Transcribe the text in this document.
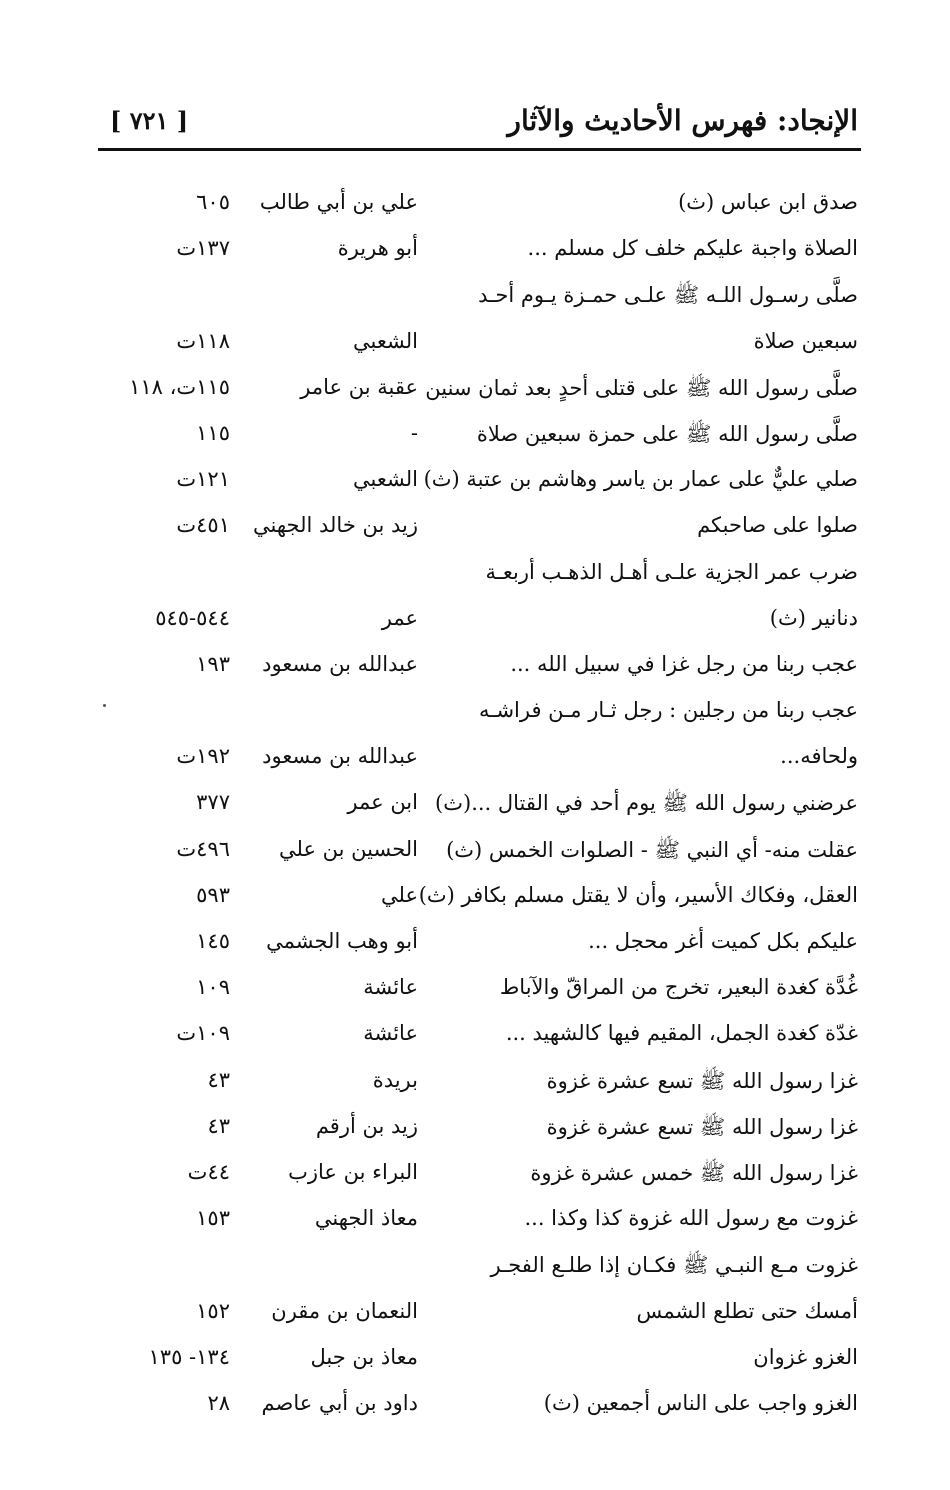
الإنجاد: فهرس الأحاديث والآثار
[ ٧٢١ ]
صدق ابن عباس (ث)
علي بن أبي طالب
٦٠٥
الصلاة واجبة عليكم خلف كل مسلم ...
أبو هريرة
١٣٧ت
صلَّى رسـول اللـه ﷺ علـى حمـزة يـوم أحـد
سبعين صلاة
الشعبي
١١٨ت
صلَّى رسول الله ﷺ على قتلى أحدٍ بعد ثمان سنين
عقبة بن عامر
١١٥ت، ١١٨
صلَّى رسول الله ﷺ على حمزة سبعين صلاة
-
١١٥
صلي عليٌّ على عمار بن ياسر وهاشم بن عتبة (ث)
الشعبي
١٢١ت
صلوا على صاحبكم
زيد بن خالد الجهني
٤٥١ت
ضرب عمر الجزية علـى أهـل الذهـب أربعـة
دنانير (ث)
عمر
٥٤٤-٥٤٥
عجب ربنا من رجل غزا في سبيل الله ...
عبدالله بن مسعود
١٩٣
عجب ربنا من رجلين : رجل ثـار مـن فراشـه
ولحافه...
عبدالله بن مسعود
١٩٢ت
عرضني رسول الله ﷺ يوم أحد في القتال ...(ث)
ابن عمر
٣٧٧
عقلت منه- أي النبي ﷺ - الصلوات الخمس (ث)
الحسين بن علي
٤٩٦ت
العقل، وفكاك الأسير، وأن لا يقتل مسلم بكافر (ث)
علي
٥٩٣
عليكم بكل كميت أغر محجل ...
أبو وهب الجشمي
١٤٥
غُدَّة كغدة البعير، تخرج من المراقّ والآباط
عائشة
١٠٩
غدّة كغدة الجمل، المقيم فيها كالشهيد ...
عائشة
١٠٩ت
غزا رسول الله ﷺ تسع عشرة غزوة
بريدة
٤٣
غزا رسول الله ﷺ تسع عشرة غزوة
زيد بن أرقم
٤٣
غزا رسول الله ﷺ خمس عشرة غزوة
البراء بن عازب
٤٤ت
غزوت مع رسول الله غزوة كذا وكذا ...
معاذ الجهني
١٥٣
غزوت مـع النبـي ﷺ فكـان إذا طلـع الفجـر
أمسك حتى تطلع الشمس
النعمان بن مقرن
١٥٢
الغزو غزوان
معاذ بن جبل
١٣٤- ١٣٥
الغزو واجب على الناس أجمعين (ث)
داود بن أبي عاصم
٢٨
